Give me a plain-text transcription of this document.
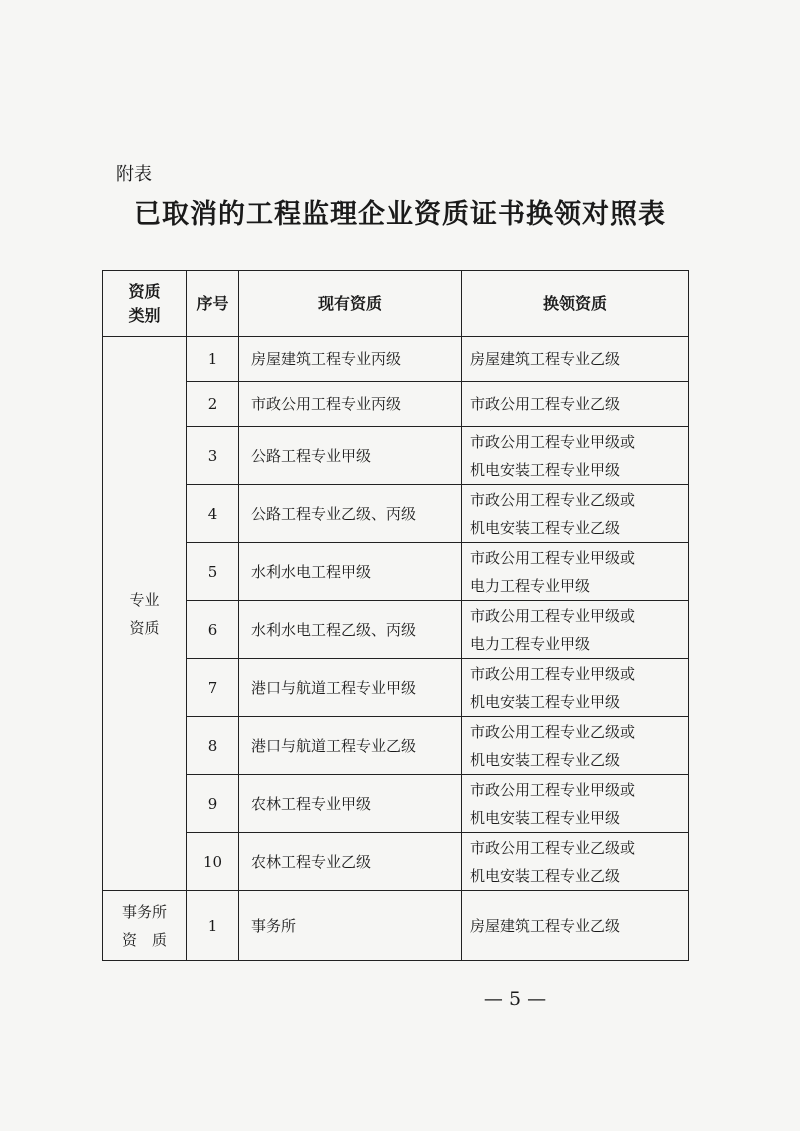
附表
已取消的工程监理企业资质证书换领对照表
资质
类别	序号	现有资质	换领资质

专业
资质	1	房屋建筑工程专业丙级	房屋建筑工程专业乙级

	2	市政公用工程专业丙级	市政公用工程专业乙级

	3	公路工程专业甲级	市政公用工程专业甲级或
机电安装工程专业甲级

	4	公路工程专业乙级、丙级	市政公用工程专业乙级或
机电安装工程专业乙级

	5	水利水电工程甲级	市政公用工程专业甲级或
电力工程专业甲级

	6	水利水电工程乙级、丙级	市政公用工程专业甲级或
电力工程专业甲级

	7	港口与航道工程专业甲级	市政公用工程专业甲级或
机电安装工程专业甲级

	8	港口与航道工程专业乙级	市政公用工程专业乙级或
机电安装工程专业乙级

	9	农林工程专业甲级	市政公用工程专业甲级或
机电安装工程专业甲级

	10	农林工程专业乙级	市政公用工程专业乙级或
机电安装工程专业乙级

事务所
资　质	1	事务所	房屋建筑工程专业乙级
— 5 —
